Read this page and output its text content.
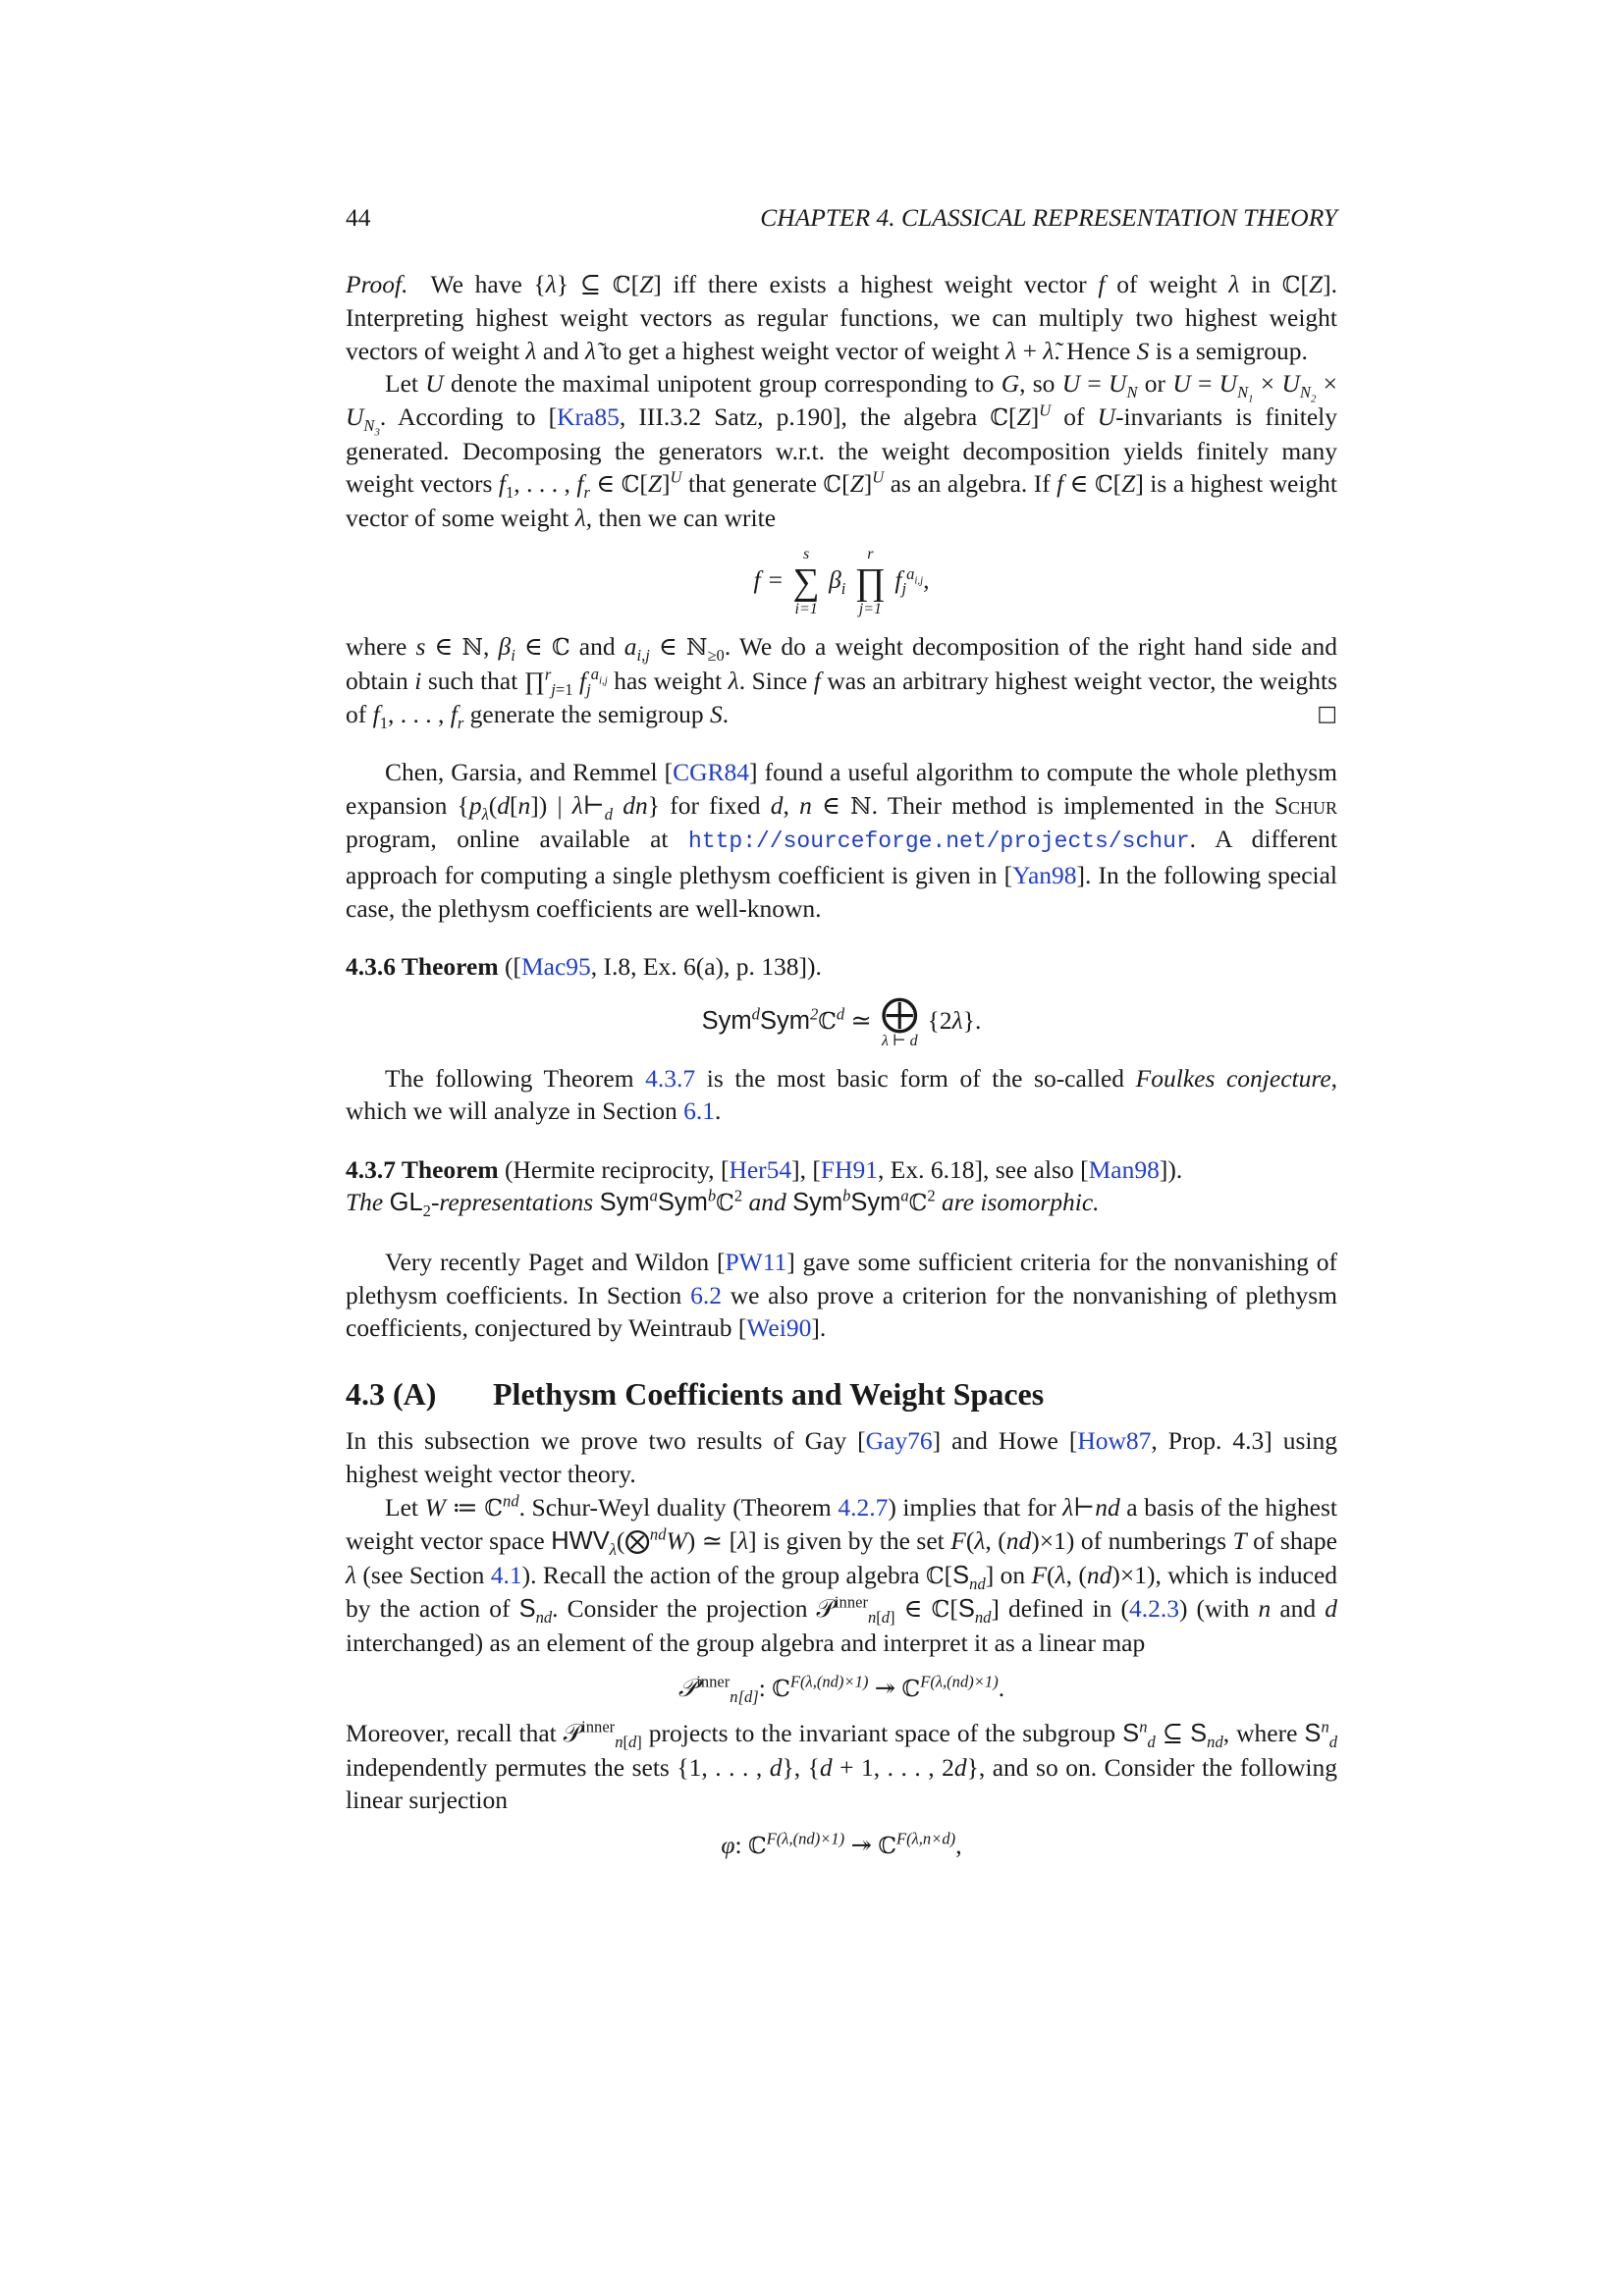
44	CHAPTER 4. CLASSICAL REPRESENTATION THEORY

Proof.  We have {λ} ⊆ ℂ[Z] iff there exists a highest weight vector f of weight λ in ℂ[Z]. Interpreting highest weight vectors as regular functions, we can multiply two highest weight vectors of weight λ and λ̃ to get a highest weight vector of weight λ + λ̃. Hence S is a semigroup.

Let U denote the maximal unipotent group corresponding to G, so $U = U_N$ or $U = U_{N_1} \times U_{N_2} \times U_{N_3}$. According to [Kra85, III.3.2 Satz, p.190], the algebra $ℂ[Z]^U$ of U-invariants is finitely generated. Decomposing the generators w.r.t. the weight decomposition yields finitely many weight vectors $f_1$, . . . , $f_r$ ∈ $ℂ[Z]^U$ that generate $ℂ[Z]^U$ as an algebra. If f ∈ ℂ[Z] is a highest weight vector of some weight λ, then we can write

f =
s
∑
i=1
$\beta_i$
r
∏
j=1
$f_j^{a_{i,j}}$,

where s ∈ ℕ, $\beta_i$ ∈ ℂ and $a_{i,j}$ ∈ ℕ$_{\ge 0}$. We do a weight decomposition of the right hand side and obtain i such that ∏$^r_{j=1}$ $f_j^{a_{i,j}}$ has weight λ. Since f was an arbitrary highest weight vector, the weights of $f_1$, . . . , $f_r$ generate the semigroup S.	□

Chen, Garsia, and Remmel [CGR84] found a useful algorithm to compute the whole plethysm expansion {$p_\lambda(d[n])$ | $\lambda⊢_d$ dn} for fixed d, n ∈ ℕ. Their method is implemented in the Schur program, online available at http://sourceforge.net/projects/schur. A different approach for computing a single plethysm coefficient is given in [Yan98]. In the following special case, the plethysm coefficients are well-known.

4.3.6 Theorem ([Mac95, I.8, Ex. 6(a), p. 138]).

Sym$^d$Sym$^2$ℂ$^d$ ≃ ⨁
λ ⊢ d
{2λ}.

The following Theorem 4.3.7 is the most basic form of the so-called Foulkes conjecture, which we will analyze in Section 6.1.

4.3.7 Theorem (Hermite reciprocity, [Her54], [FH91, Ex. 6.18], see also [Man98]).
The $GL_2$-representations Sym$^a$Sym$^b$ℂ$^2$ and Sym$^b$Sym$^a$ℂ$^2$ are isomorphic.

Very recently Paget and Wildon [PW11] gave some sufficient criteria for the nonvanishing of plethysm coefficients. In Section 6.2 we also prove a criterion for the nonvanishing of plethysm coefficients, conjectured by Weintraub [Wei90].

4.3 (A) Plethysm Coefficients and Weight Spaces

In this subsection we prove two results of Gay [Gay76] and Howe [How87, Prop. 4.3] using highest weight vector theory.

Let W ≔ ℂ$^{nd}$. Schur-Weyl duality (Theorem 4.2.7) implies that for λ⊢nd a basis of the highest weight vector space $HWV_\lambda(⨂^{nd}W)$ ≃ [λ] is given by the set F(λ, (nd)×1) of numberings T of shape λ (see Section 4.1). Recall the action of the group algebra $ℂ[S_{nd}]$ on F(λ, (nd)×1), which is induced by the action of $S_{nd}$. Consider the projection 𝒫$^{inner}_{n[d]}$ ∈ $ℂ[S_{nd}]$ defined in (4.2.3) (with n and d interchanged) as an element of the group algebra and interpret it as a linear map

𝒫$^{inner}_{n[d]}$: ℂ$^{F(\lambda,(nd)\times 1)}$ ↠ ℂ$^{F(\lambda,(nd)\times 1)}$.

Moreover, recall that 𝒫$^{inner}_{n[d]}$ projects to the invariant space of the subgroup $S^n_d$ ⊆ $S_{nd}$, where $S^n_d$ independently permutes the sets {1, . . . , d}, {d + 1, . . . , 2d}, and so on. Consider the following linear surjection

φ: ℂ$^{F(\lambda,(nd)\times 1)}$ ↠ ℂ$^{F(\lambda,n\times d)}$,
